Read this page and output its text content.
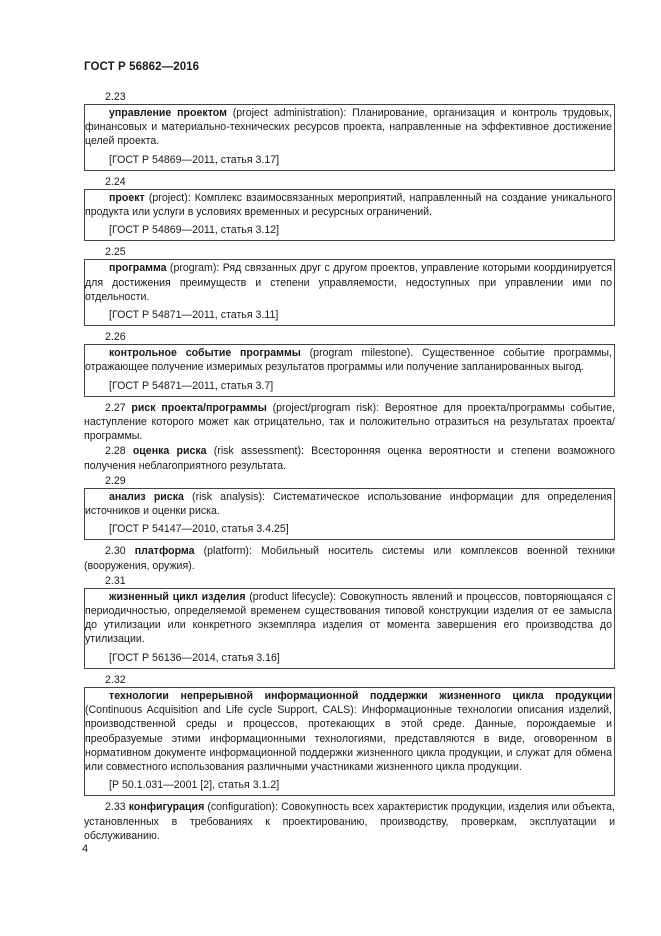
ГОСТ Р 56862—2016
2.23

управление проектом (project administration): Планирование, организация и контроль трудовых, финансовых и материально-технических ресурсов проекта, направленные на эффективное достижение целей проекта.

[ГОСТ Р 54869—2011, статья 3.17]

2.24

проект (project): Комплекс взаимосвязанных мероприятий, направленный на создание уникального продукта или услуги в условиях временных и ресурсных ограничений.

[ГОСТ Р 54869—2011, статья 3.12]

2.25

программа (program): Ряд связанных друг с другом проектов, управление которыми координируется для достижения преимуществ и степени управляемости, недоступных при управлении ими по отдельности.

[ГОСТ Р 54871—2011, статья 3.11]

2.26

контрольное событие программы (program milestone). Существенное событие программы, отражающее получение измеримых результатов программы или получение запланированных выгод.

[ГОСТ Р 54871—2011, статья 3.7]

2.27 риск проекта/программы (project/program risk): Вероятное для проекта/программы событие, наступление которого может как отрицательно, так и положительно отразиться на результатах проекта/программы.

2.28 оценка риска (risk assessment): Всесторонняя оценка вероятности и степени возможного получения неблагоприятного результата.

2.29

анализ риска (risk analysis): Систематическое использование информации для определения источников и оценки риска.

[ГОСТ Р 54147—2010, статья 3.4.25]

2.30 платформа (platform): Мобильный носитель системы или комплексов военной техники (вооружения, оружия).

2.31

жизненный цикл изделия (product lifecycle): Совокупность явлений и процессов, повторяющаяся с периодичностью, определяемой временем существования типовой конструкции изделия от ее замысла до утилизации или конкретного экземпляра изделия от момента завершения его производства до утилизации.

[ГОСТ Р 56136—2014, статья 3.16]

2.32

технологии непрерывной информационной поддержки жизненного цикла продукции (Continuous Acquisition and Life cycle Support, CALS): Информационные технологии описания изделий, производственной среды и процессов, протекающих в этой среде. Данные, порождаемые и преобразуемые этими информационными технологиями, представляются в виде, оговоренном в нормативном документе информационной поддержки жизненного цикла продукции, и служат для обмена или совместного использования различными участниками жизненного цикла продукции.

[Р 50.1.031—2001 [2], статья 3.1.2]

2.33 конфигурация (configuration): Совокупность всех характеристик продукции, изделия или объекта, установленных в требованиях к проектированию, производству, проверкам, эксплуатации и обслуживанию.

4
